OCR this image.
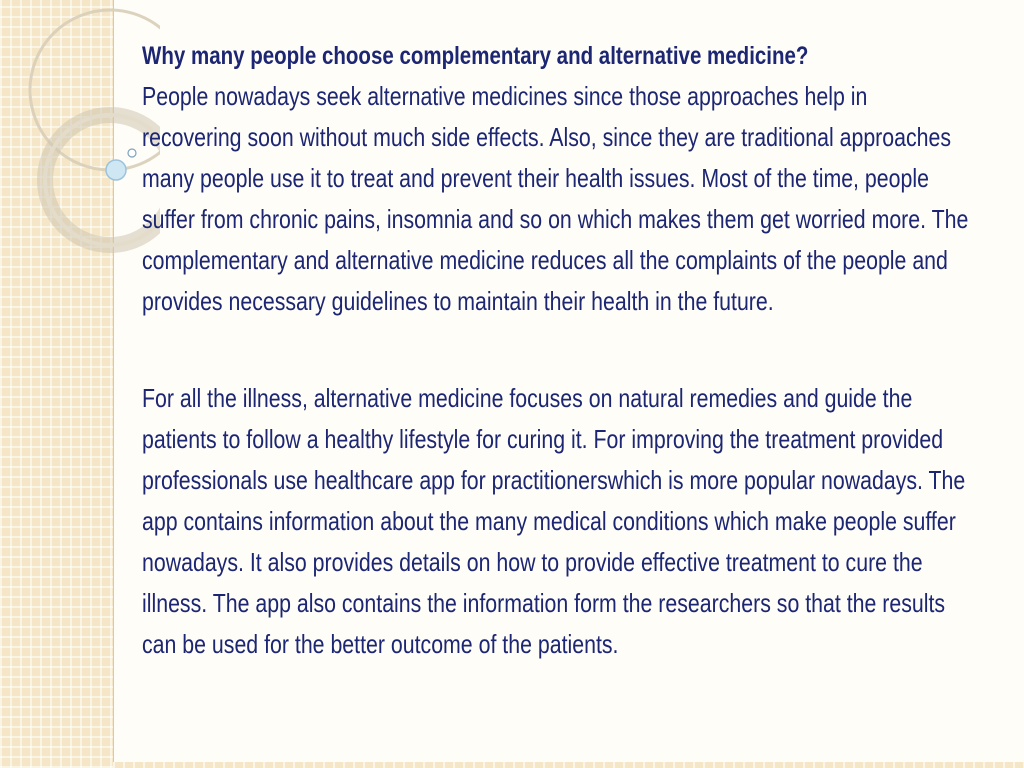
Why many people choose complementary and alternative medicine?

People nowadays seek alternative medicines since those approaches help in recovering soon without much side effects. Also, since they are traditional approaches many people use it to treat and prevent their health issues. Most of the time, people suffer from chronic pains, insomnia and so on which makes them get worried more. The complementary and alternative medicine reduces all the complaints of the people and provides necessary guidelines to maintain their health in the future.

For all the illness, alternative medicine focuses on natural remedies and guide the patients to follow a healthy lifestyle for curing it. For improving the treatment provided professionals use healthcare app for practitionerswhich is more popular nowadays. The app contains information about the many medical conditions which make people suffer nowadays. It also provides details on how to provide effective treatment to cure the illness. The app also contains the information form the researchers so that the results can be used for the better outcome of the patients.
